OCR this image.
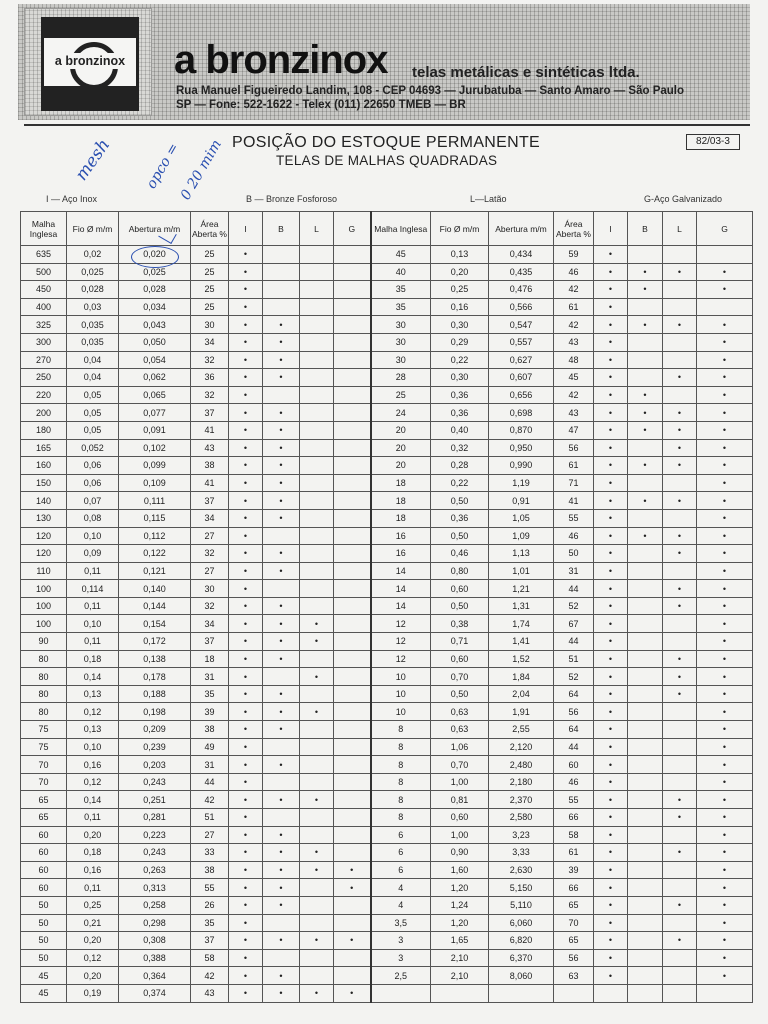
a bronzinox a bronzinox telas metálicas e sintéticas ltda.
Rua Manuel Figueiredo Landim, 108 - CEP 04693 — Jurubatuba — Santo Amaro — São Paulo
SP — Fone: 522-1622 - Telex (011) 22650 TMEB — BR
POSIÇÃO DO ESTOQUE PERMANENTE
TELAS DE MALHAS QUADRADAS
82/03-3
mesh opco =
0 20 mim
I — Aço Inox	B — Bronze Fosforoso	L—Latão	G-Aço Galvanizado
Malha Inglesa	Fio Ø m/m	Abertura m/m	Área Aberta %	I	B	L	G	Malha Inglesa	Fio Ø m/m	Abertura m/m	Área Aberta %	I	B	L	G
635	0,02	0,020	25	•				45	0,13	0,434	59	•			
500	0,025	0,025	25	•				40	0,20	0,435	46	•	•	•	•
450	0,028	0,028	25	•				35	0,25	0,476	42	•	•		•
400	0,03	0,034	25	•				35	0,16	0,566	61	•			
325	0,035	0,043	30	•	•			30	0,30	0,547	42	•	•	•	•
300	0,035	0,050	34	•	•			30	0,29	0,557	43	•			•
270	0,04	0,054	32	•	•			30	0,22	0,627	48	•			•
250	0,04	0,062	36	•	•			28	0,30	0,607	45	•		•	•
220	0,05	0,065	32	•				25	0,36	0,656	42	•	•		•
200	0,05	0,077	37	•	•			24	0,36	0,698	43	•	•	•	•
180	0,05	0,091	41	•	•			20	0,40	0,870	47	•	•	•	•
165	0,052	0,102	43	•	•			20	0,32	0,950	56	•		•	•
160	0,06	0,099	38	•	•			20	0,28	0,990	61	•	•	•	•
150	0,06	0,109	41	•	•			18	0,22	1,19	71	•			•
140	0,07	0,111	37	•	•			18	0,50	0,91	41	•	•	•	•
130	0,08	0,115	34	•	•			18	0,36	1,05	55	•			•
120	0,10	0,112	27	•				16	0,50	1,09	46	•	•	•	•
120	0,09	0,122	32	•	•			16	0,46	1,13	50	•		•	•
110	0,11	0,121	27	•	•			14	0,80	1,01	31	•			•
100	0,114	0,140	30	•				14	0,60	1,21	44	•		•	•
100	0,11	0,144	32	•	•			14	0,50	1,31	52	•		•	•
100	0,10	0,154	34	•	•	•		12	0,38	1,74	67	•			•
90	0,11	0,172	37	•	•	•		12	0,71	1,41	44	•			•
80	0,18	0,138	18	•	•			12	0,60	1,52	51	•		•	•
80	0,14	0,178	31	•		•		10	0,70	1,84	52	•		•	•
80	0,13	0,188	35	•	•			10	0,50	2,04	64	•		•	•
80	0,12	0,198	39	•	•	•		10	0,63	1,91	56	•			•
75	0,13	0,209	38	•	•			8	0,63	2,55	64	•			•
75	0,10	0,239	49	•				8	1,06	2,120	44	•			•
70	0,16	0,203	31	•	•			8	0,70	2,480	60	•			•
70	0,12	0,243	44	•				8	1,00	2,180	46	•			•
65	0,14	0,251	42	•	•	•		8	0,81	2,370	55	•		•	•
65	0,11	0,281	51	•				8	0,60	2,580	66	•		•	•
60	0,20	0,223	27	•	•			6	1,00	3,23	58	•			•
60	0,18	0,243	33	•	•	•		6	0,90	3,33	61	•		•	•
60	0,16	0,263	38	•	•	•	•	6	1,60	2,630	39	•			•
60	0,11	0,313	55	•	•		•	4	1,20	5,150	66	•			•
50	0,25	0,258	26	•	•			4	1,24	5,110	65	•		•	•
50	0,21	0,298	35	•				3,5	1,20	6,060	70	•			•
50	0,20	0,308	37	•	•	•	•	3	1,65	6,820	65	•		•	•
50	0,12	0,388	58	•				3	2,10	6,370	56	•			•
45	0,20	0,364	42	•	•			2,5	2,10	8,060	63	•			•
45	0,19	0,374	43	•	•	•	•								
